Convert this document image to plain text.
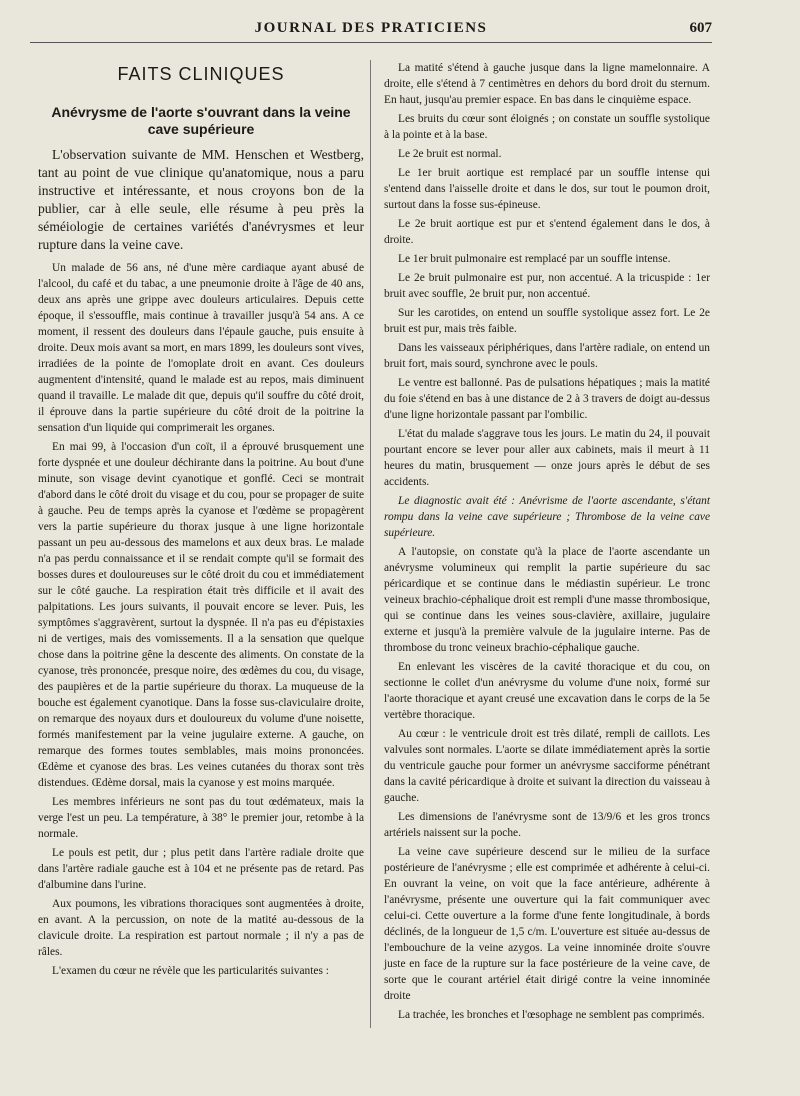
JOURNAL DES PRATICIENS	607
FAITS CLINIQUES
Anévrysme de l'aorte s'ouvrant dans la veine cave supérieure

L'observation suivante de MM. Henschen et Westberg, tant au point de vue clinique qu'anatomique, nous a paru instructive et intéressante, et nous croyons bon de la publier, car à elle seule, elle résume à peu près la séméiologie de certaines variétés d'anévrysmes et leur rupture dans la veine cave.

Un malade de 56 ans, né d'une mère cardiaque ayant abusé de l'alcool, du café et du tabac, a une pneumonie droite à l'âge de 40 ans, deux ans après une grippe avec douleurs articulaires. Depuis cette époque, il s'essouffle, mais continue à travailler jusqu'à 54 ans. A ce moment, il ressent des douleurs dans l'épaule gauche, puis ensuite à droite. Deux mois avant sa mort, en mars 1899, les douleurs sont vives, irradiées de la pointe de l'omoplate droit en avant. Ces douleurs augmentent d'intensité, quand le malade est au repos, mais diminuent quand il travaille. Le malade dit que, depuis qu'il souffre du côté droit, il éprouve dans la partie supérieure du côté droit de la poitrine la sensation d'un liquide qui comprimerait les organes.

En mai 99, à l'occasion d'un coït, il a éprouvé brusquement une forte dyspnée et une douleur déchirante dans la poitrine. Au bout d'une minute, son visage devint cyanotique et gonflé. Ceci se montrait d'abord dans le côté droit du visage et du cou, pour se propager de suite à gauche. Peu de temps après la cyanose et l'œdème se propagèrent vers la partie supérieure du thorax jusque à une ligne horizontale passant un peu au-dessous des mamelons et aux deux bras. Le malade n'a pas perdu connaissance et il se rendait compte qu'il se formait des bosses dures et douloureuses sur le côté droit du cou et immédiatement sur le côté gauche. La respiration était très difficile et il avait des palpitations. Les jours suivants, il pouvait encore se lever. Puis, les symptômes s'aggravèrent, surtout la dyspnée. Il n'a pas eu d'épistaxies ni de vertiges, mais des vomissements. Il a la sensation que quelque chose dans la poitrine gêne la descente des aliments. On constate de la cyanose, très prononcée, presque noire, des œdèmes du cou, du visage, des paupières et de la partie supérieure du thorax. La muqueuse de la bouche est également cyanotique. Dans la fosse sus-claviculaire droite, on remarque des noyaux durs et douloureux du volume d'une noisette, formés manifestement par la veine jugulaire externe. A gauche, on remarque des formes toutes semblables, mais moins prononcées. Œdème et cyanose des bras. Les veines cutanées du thorax sont très distendues. Œdème dorsal, mais la cyanose y est moins marquée.

Les membres inférieurs ne sont pas du tout œdémateux, mais la verge l'est un peu. La température, à 38° le premier jour, retombe à la normale.

Le pouls est petit, dur ; plus petit dans l'artère radiale droite que dans l'artère radiale gauche est à 104 et ne présente pas de retard. Pas d'albumine dans l'urine.

Aux poumons, les vibrations thoraciques sont augmentées à droite, en avant. A la percussion, on note de la matité au-dessous de la clavicule droite. La respiration est partout normale ; il n'y a pas de râles.

L'examen du cœur ne révèle que les particularités suivantes :

La matité s'étend à gauche jusque dans la ligne mamelonnaire. A droite, elle s'étend à 7 centimètres en dehors du bord droit du sternum. En haut, jusqu'au premier espace. En bas dans le cinquième espace.

Les bruits du cœur sont éloignés ; on constate un souffle systolique à la pointe et à la base.

Le 2e bruit est normal.

Le 1er bruit aortique est remplacé par un souffle intense qui s'entend dans l'aisselle droite et dans le dos, sur tout le poumon droit, surtout dans la fosse sus-épineuse.

Le 2e bruit aortique est pur et s'entend également dans le dos, à droite.

Le 1er bruit pulmonaire est remplacé par un souffle intense.

Le 2e bruit pulmonaire est pur, non accentué. A la tricuspide : 1er bruit avec souffle, 2e bruit pur, non accentué.

Sur les carotides, on entend un souffle systolique assez fort. Le 2e bruit est pur, mais très faible.

Dans les vaisseaux périphériques, dans l'artère radiale, on entend un bruit fort, mais sourd, synchrone avec le pouls.

Le ventre est ballonné. Pas de pulsations hépatiques ; mais la matité du foie s'étend en bas à une distance de 2 à 3 travers de doigt au-dessus d'une ligne horizontale passant par l'ombilic.

L'état du malade s'aggrave tous les jours. Le matin du 24, il pouvait pourtant encore se lever pour aller aux cabinets, mais il meurt à 11 heures du matin, brusquement — onze jours après le début de ses accidents.

Le diagnostic avait été : Anévrisme de l'aorte ascendante, s'étant rompu dans la veine cave supérieure ; Thrombose de la veine cave supérieure.

A l'autopsie, on constate qu'à la place de l'aorte ascendante un anévrysme volumineux qui remplit la partie supérieure du sac péricardique et se continue dans le médiastin supérieur. Le tronc veineux brachio-céphalique droit est rempli d'une masse thrombosique, qui se continue dans les veines sous-clavière, axillaire, jugulaire externe et jusqu'à la première valvule de la jugulaire interne. Pas de thrombose du tronc veineux brachio-céphalique gauche.

En enlevant les viscères de la cavité thoracique et du cou, on sectionne le collet d'un anévrysme du volume d'une noix, formé sur l'aorte thoracique et ayant creusé une excavation dans le corps de la 5e vertèbre thoracique.

Au cœur : le ventricule droit est très dilaté, rempli de caillots. Les valvules sont normales. L'aorte se dilate immédiatement après la sortie du ventricule gauche pour former un anévrysme sacciforme pénétrant dans la cavité péricardique à droite et suivant la direction du vaisseau à gauche.

Les dimensions de l'anévrysme sont de 13/9/6 et les gros troncs artériels naissent sur la poche.

La veine cave supérieure descend sur le milieu de la surface postérieure de l'anévrysme ; elle est comprimée et adhérente à celui-ci. En ouvrant la veine, on voit que la face antérieure, adhérente à l'anévrysme, présente une ouverture qui la fait communiquer avec celui-ci. Cette ouverture a la forme d'une fente longitudinale, à bords déclinés, de la longueur de 1,5 c/m. L'ouverture est située au-dessus de l'embouchure de la veine azygos. La veine innominée droite s'ouvre juste en face de la rupture sur la face postérieure de la veine cave, de sorte que le courant artériel était dirigé contre la veine innominée droite

La trachée, les bronches et l'œsophage ne semblent pas comprimés.
